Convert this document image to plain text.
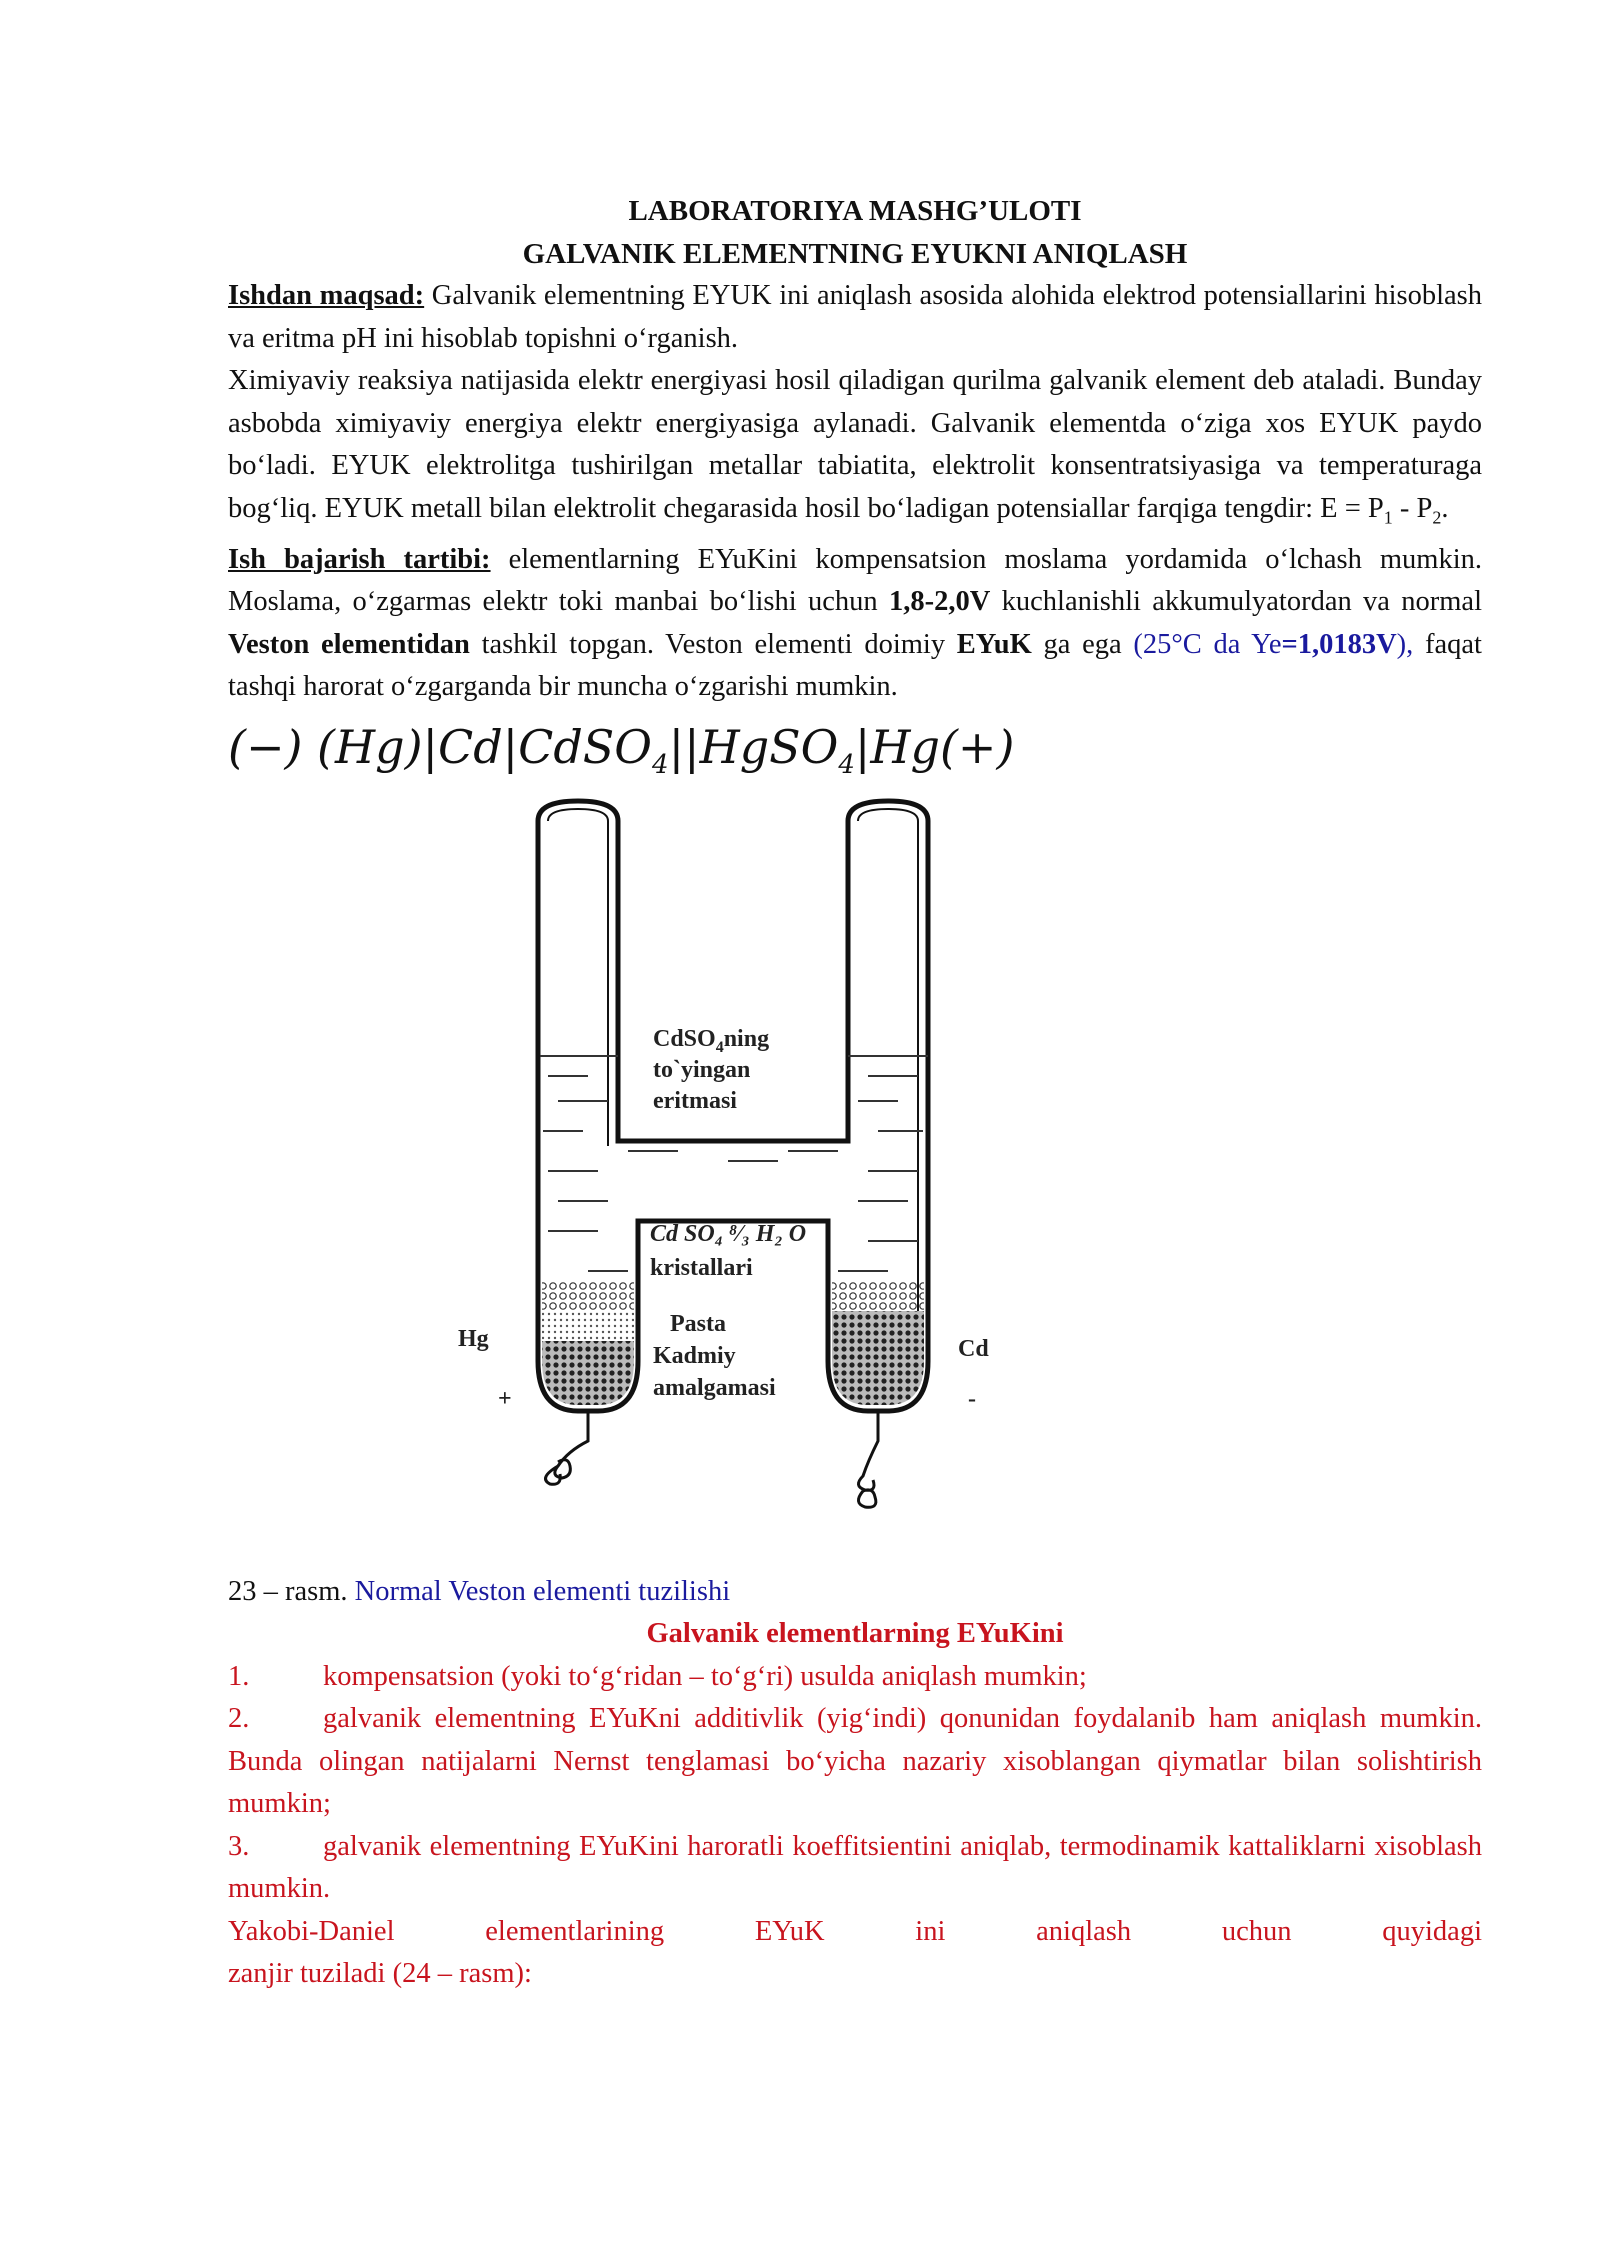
LABORATORIYA MASHG’ULOTI
GALVANIK ELEMENTNING EYUKNI ANIQLASH

Ishdan maqsad: Galvanik elementning EYUK ini aniqlash asosida alohida elektrod potensiallarini hisoblash va eritma pH ini hisoblab topishni o‘rganish.

Ximiyaviy reaksiya natijasida elektr energiyasi hosil qiladigan qurilma galvanik element deb ataladi. Bunday asbobda ximiyaviy energiya elektr energiyasiga aylanadi. Galvanik elementda o‘ziga xos EYUK paydo bo‘ladi. EYUK elektrolitga tushirilgan metallar tabiatita, elektrolit konsentratsiyasiga va temperaturaga bog‘liq. EYUK metall bilan elektrolit chegarasida hosil bo‘ladigan potensiallar farqiga tengdir: $E = P_1 - P_2$.

Ish bajarish tartibi: elementlarning EYuKini kompensatsion moslama yordamida o‘lchash mumkin. Moslama, o‘zgarmas elektr toki manbai bo‘lishi uchun 1,8-2,0V kuchlanishli akkumulyatordan va normal Veston elementidan tashkil topgan. Veston elementi doimiy EYuK ga ega (25°C da Ye=1,0183V), faqat tashqi harorat o‘zgarganda bir muncha o‘zgarishi mumkin.

(−) (Hg)|Cd|CdSO$_4$||HgSO$_4$|Hg(+)
CdSO$_4$ning
to`yingan
eritmasi
Cd SO₄ ⁸⁄₃ H₂ O
kristallari
Pasta
Kadmiy
amalgamasi
Hg
+
Cd
-
23 – rasm. Normal Veston elementi tuzilishi
Galvanik elementlarning EYuKini

1.	kompensatsion (yoki to‘g‘ridan – to‘g‘ri) usulda aniqlash mumkin;

2.	galvanik elementning EYuKni additivlik (yig‘indi) qonunidan foydalanib ham aniqlash mumkin. Bunda olingan natijalarni Nernst tenglamasi bo‘yicha nazariy xisoblangan qiymatlar bilan solishtirish mumkin;

3.	galvanik elementning EYuKini haroratli koeffitsientini aniqlab, termodinamik kattaliklarni xisoblash mumkin.

Yakobi-Daniel elementlarining EYuK ini aniqlash uchun quyidagi

zanjir tuziladi (24 – rasm):
